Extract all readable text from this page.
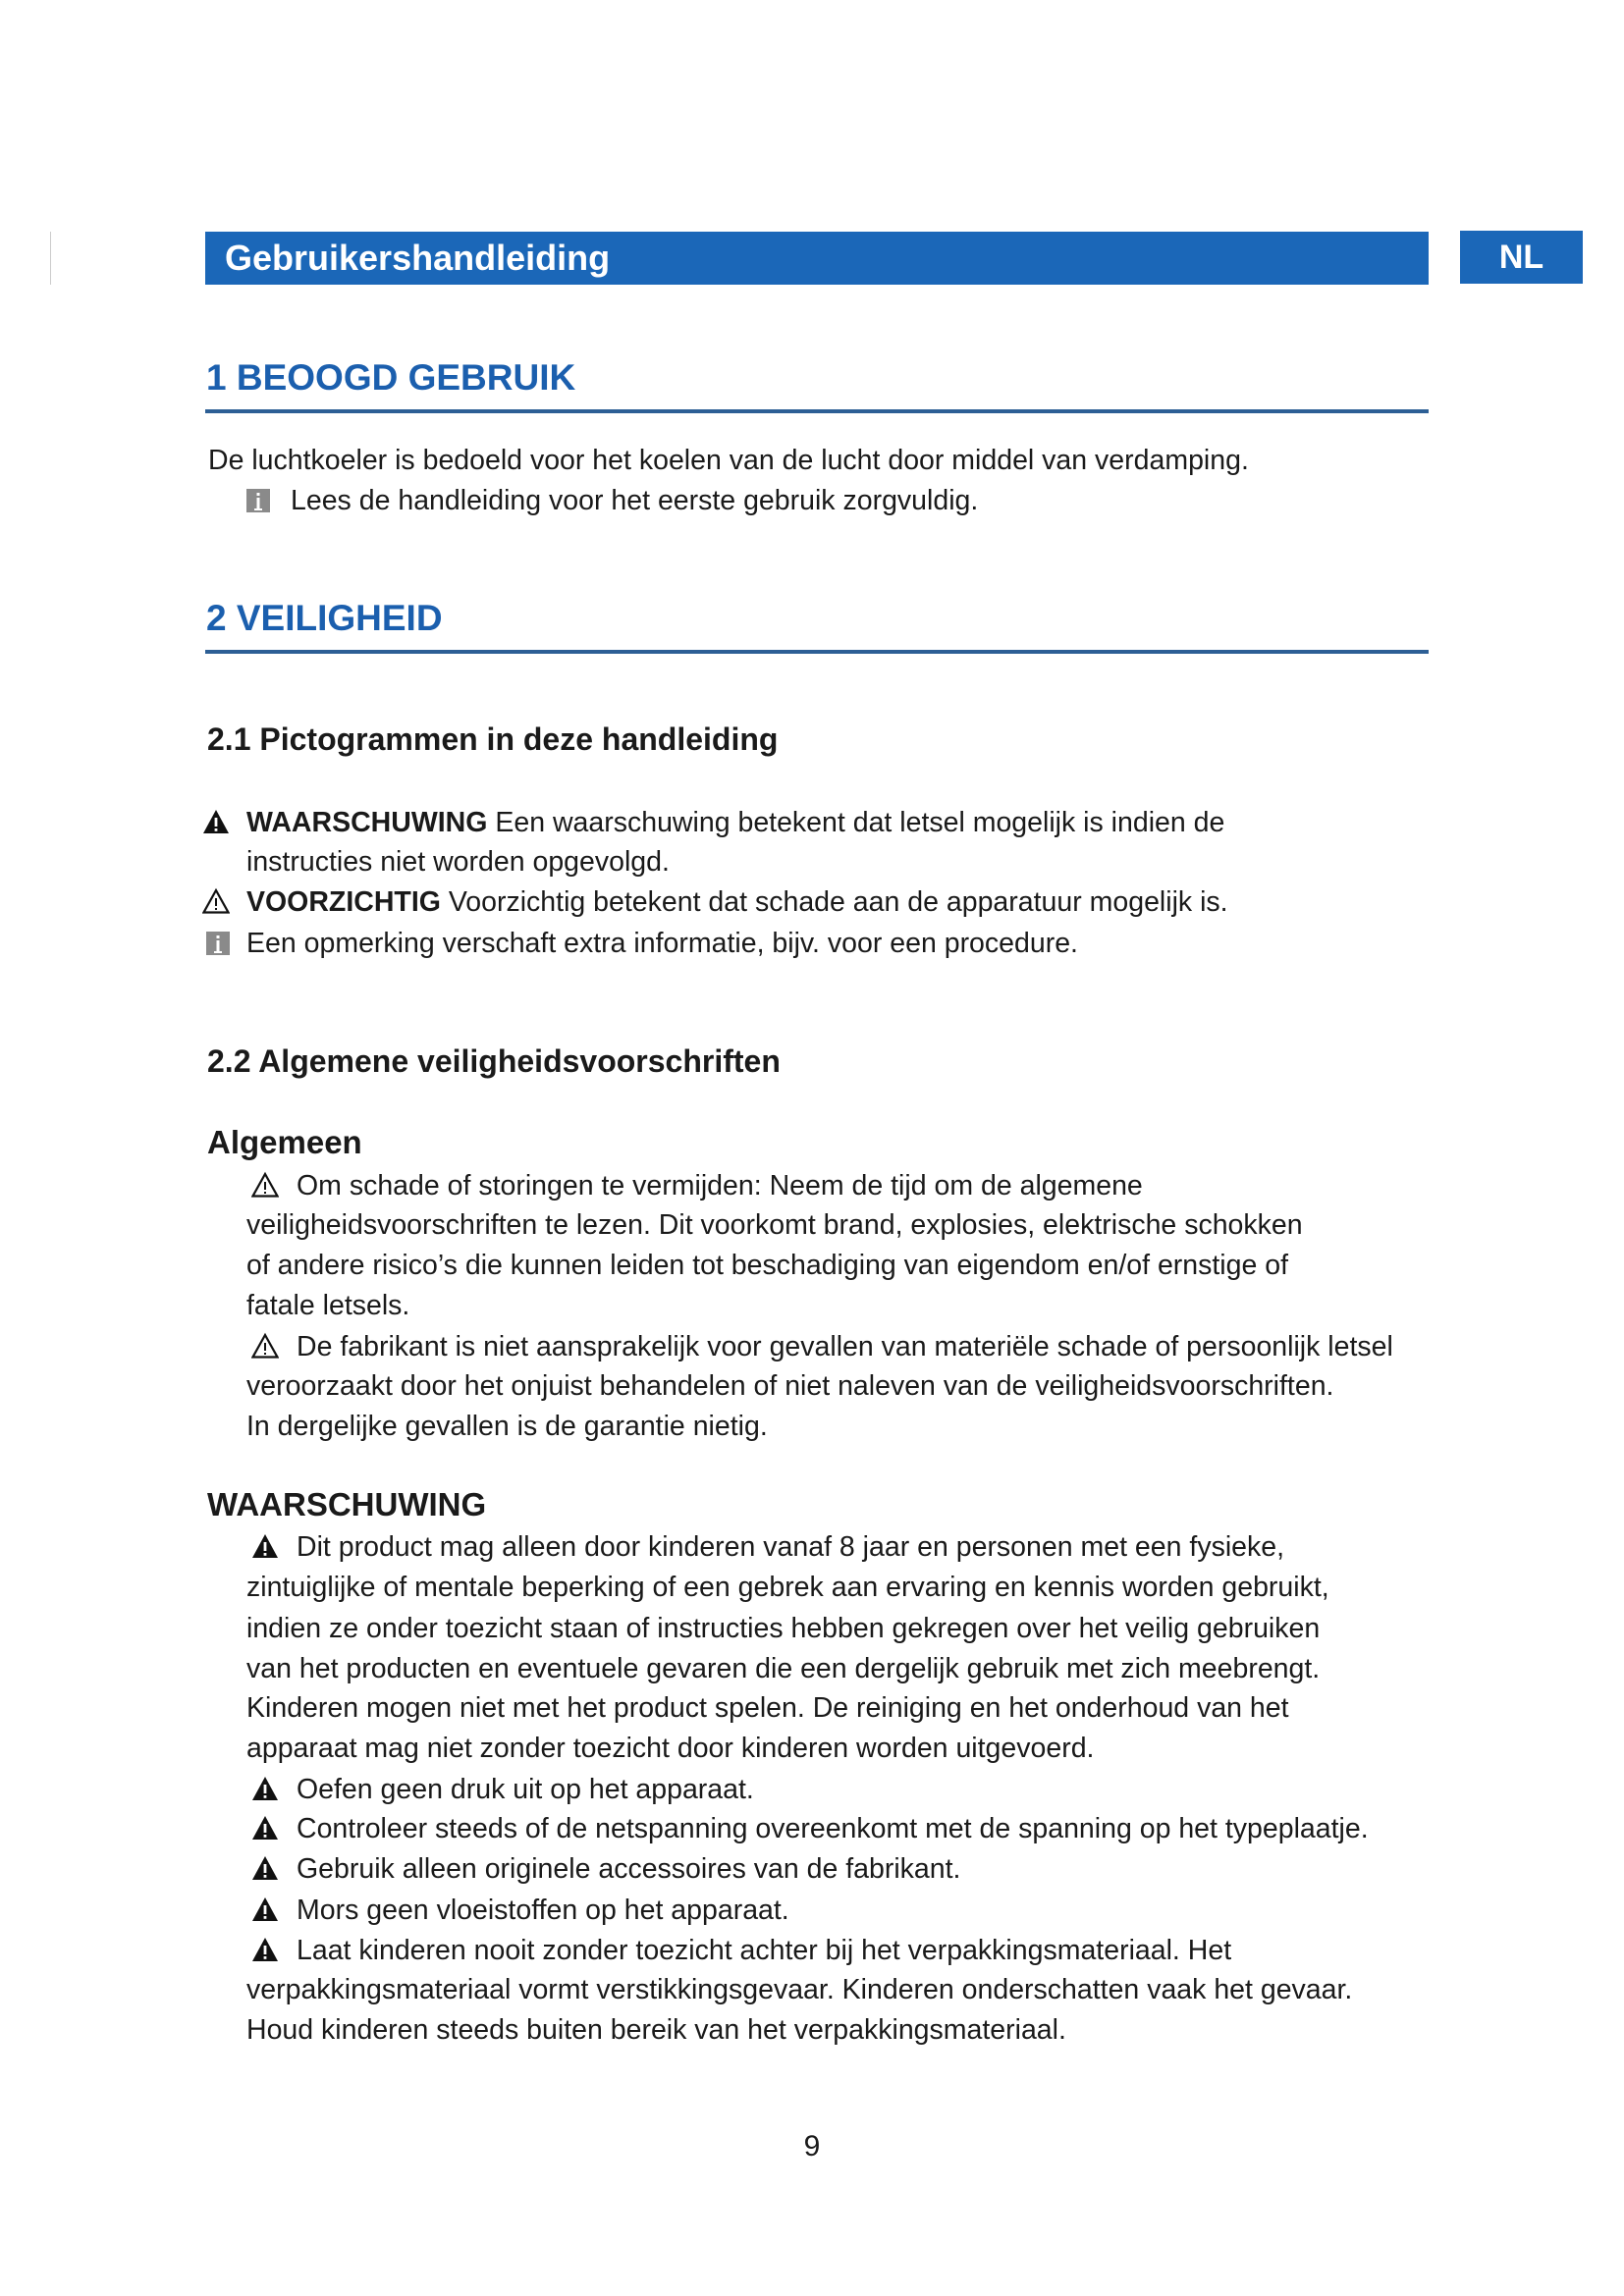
Gebruikershandleiding	NL
1 BEOOGD GEBRUIK
De luchtkoeler is bedoeld voor het koelen van de lucht door middel van verdamping.
Lees de handleiding voor het eerste gebruik zorgvuldig.
2 VEILIGHEID
2.1 Pictogrammen in deze handleiding
WAARSCHUWING Een waarschuwing betekent dat letsel mogelijk is indien de
instructies niet worden opgevolgd.
VOORZICHTIG Voorzichtig betekent dat schade aan de apparatuur mogelijk is.
Een opmerking verschaft extra informatie, bijv. voor een procedure.
2.2 Algemene veiligheidsvoorschriften
Algemeen
Om schade of storingen te vermijden: Neem de tijd om de algemene
veiligheidsvoorschriften te lezen. Dit voorkomt brand, explosies, elektrische schokken
of andere risico’s die kunnen leiden tot beschadiging van eigendom en/of ernstige of
fatale letsels.
De fabrikant is niet aansprakelijk voor gevallen van materiële schade of persoonlijk letsel
veroorzaakt door het onjuist behandelen of niet naleven van de veiligheidsvoorschriften.
In dergelijke gevallen is de garantie nietig.
WAARSCHUWING
Dit product mag alleen door kinderen vanaf 8 jaar en personen met een fysieke,
zintuiglijke of mentale beperking of een gebrek aan ervaring en kennis worden gebruikt,
indien ze onder toezicht staan of instructies hebben gekregen over het veilig gebruiken
van het producten en eventuele gevaren die een dergelijk gebruik met zich meebrengt.
Kinderen mogen niet met het product spelen. De reiniging en het onderhoud van het
apparaat mag niet zonder toezicht door kinderen worden uitgevoerd.
Oefen geen druk uit op het apparaat.
Controleer steeds of de netspanning overeenkomt met de spanning op het typeplaatje.
Gebruik alleen originele accessoires van de fabrikant.
Mors geen vloeistoffen op het apparaat.
Laat kinderen nooit zonder toezicht achter bij het verpakkingsmateriaal. Het
verpakkingsmateriaal vormt verstikkingsgevaar. Kinderen onderschatten vaak het gevaar.
Houd kinderen steeds buiten bereik van het verpakkingsmateriaal.
9
